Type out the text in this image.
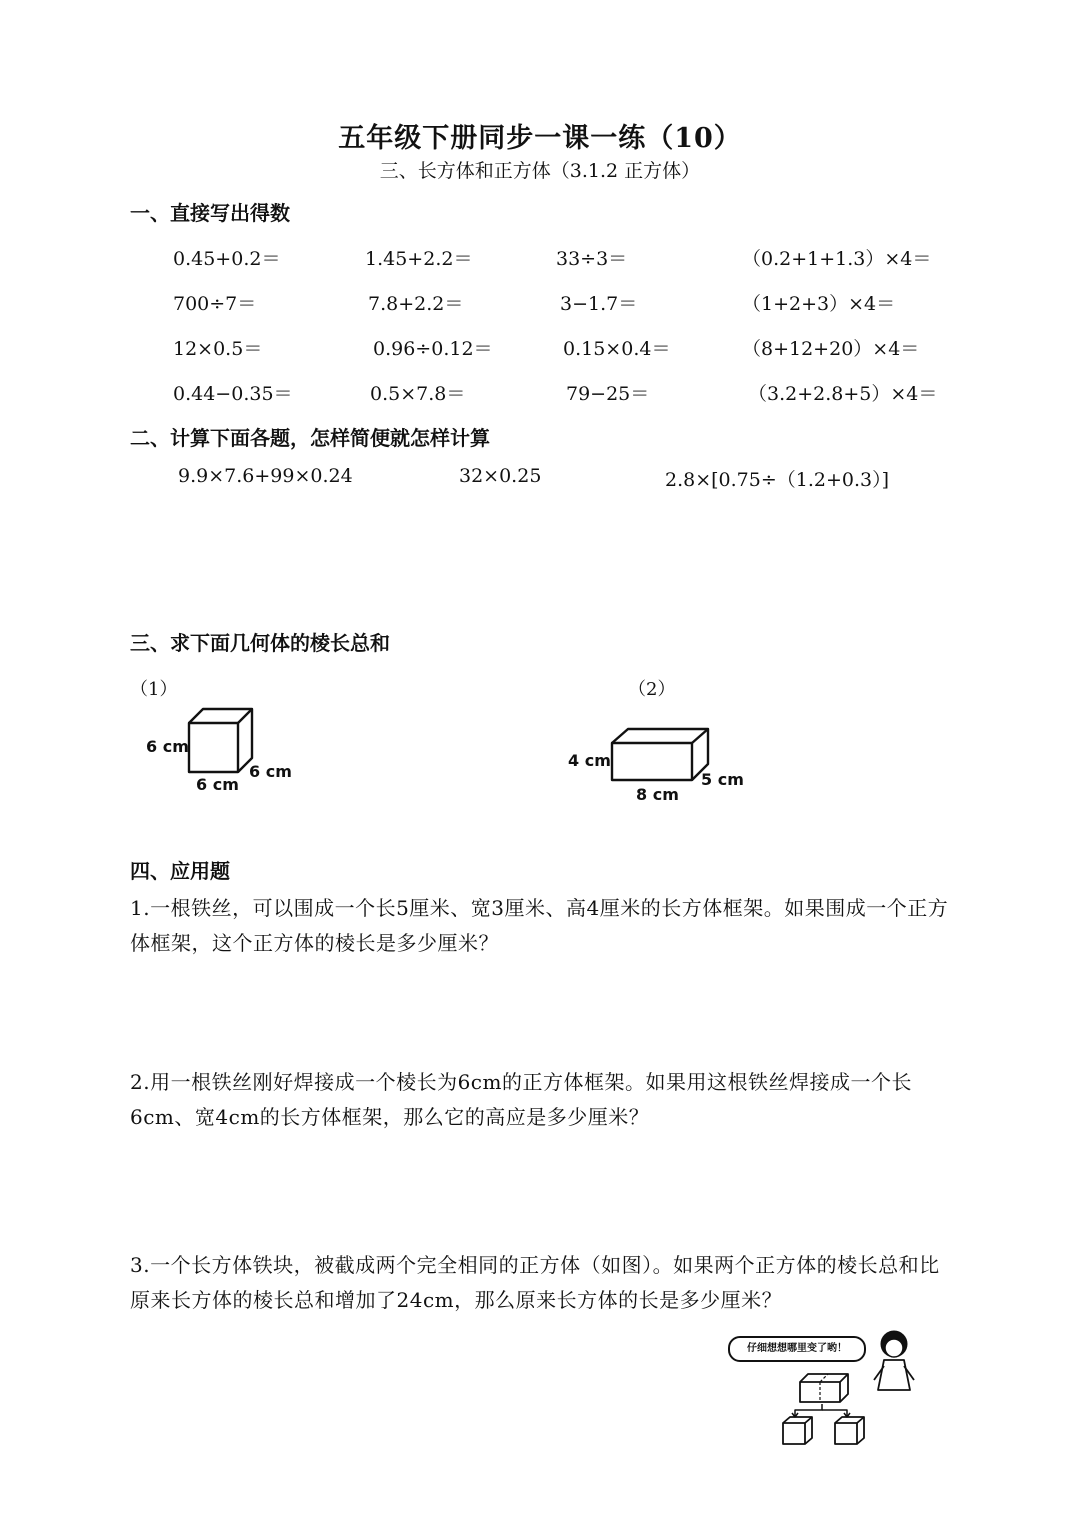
五年级下册同步一课一练（10）
三、长方体和正方体（3.1.2 正方体）
一、直接写出得数
0.45+0.2＝	1.45+2.2＝	33÷3＝	（0.2+1+1.3）×4＝
700÷7＝	7.8+2.2＝	3−1.7＝	（1+2+3）×4＝
12×0.5＝	0.96÷0.12＝	0.15×0.4＝	（8+12+20）×4＝
0.44−0.35＝	0.5×7.8＝	79−25＝	（3.2+2.8+5）×4＝
二、计算下面各题，怎样简便就怎样计算
9.9×7.6+99×0.24	32×0.25	2.8×[0.75÷（1.2+0.3）]
三、求下面几何体的棱长总和
（1）
6 cm
6 cm
6 cm
（2）
4 cm
8 cm
5 cm
四、应用题
1.一根铁丝，可以围成一个长5厘米、宽3厘米、高4厘米的长方体框架。如果围成一个正方体框架，这个正方体的棱长是多少厘米？
2.用一根铁丝刚好焊接成一个棱长为6cm的正方体框架。如果用这根铁丝焊接成一个长6cm、宽4cm的长方体框架，那么它的高应是多少厘米？
3.一个长方体铁块，被截成两个完全相同的正方体（如图）。如果两个正方体的棱长总和比原来长方体的棱长总和增加了24cm，那么原来长方体的长是多少厘米？
仔细想想哪里变了哟！
